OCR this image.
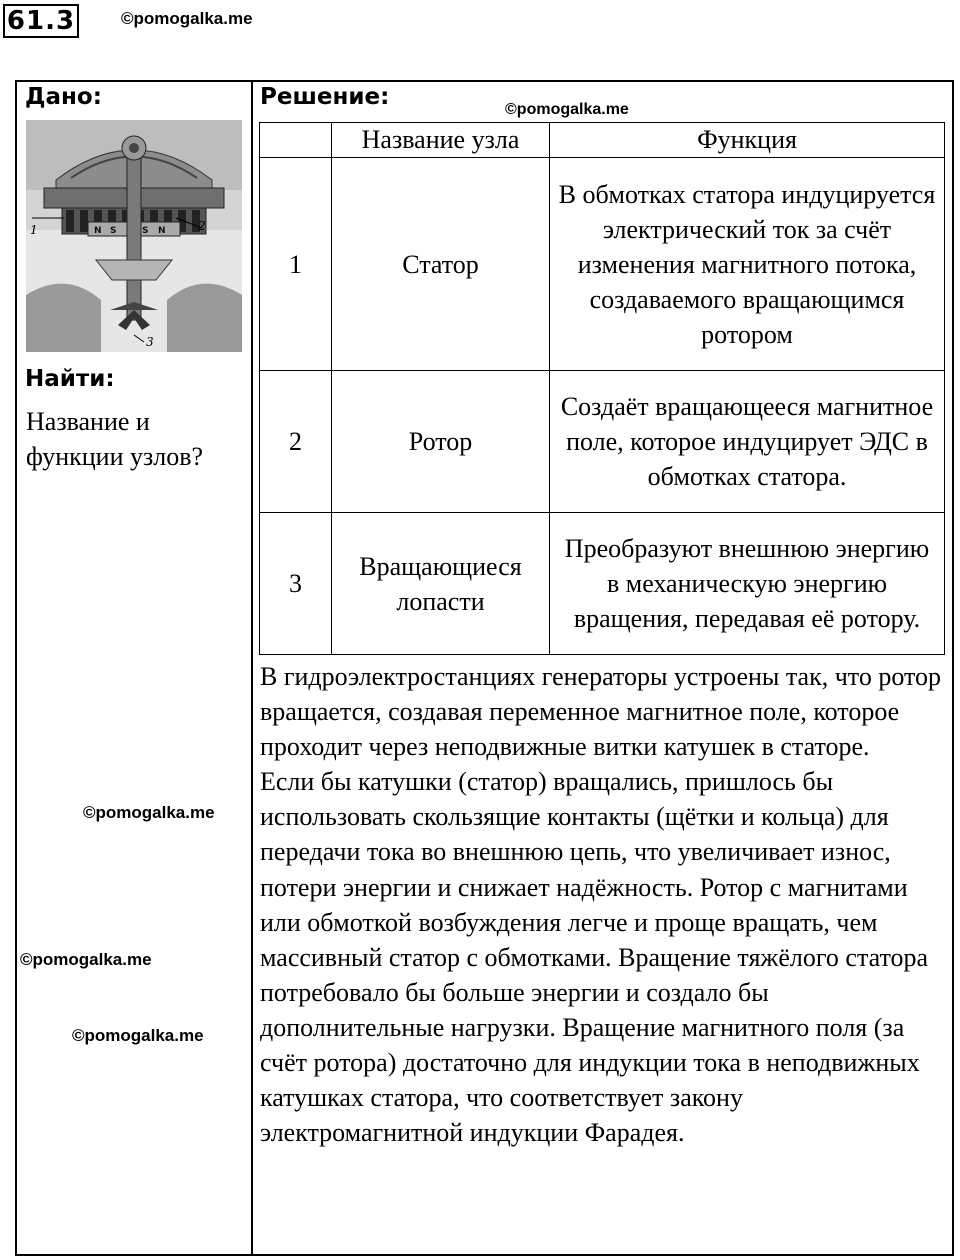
61.3	©pomogalka.me
©pomogalka.me
©pomogalka.me
©pomogalka.me
©pomogalka.me
Дано:
N S	S N
1	2
3
Найти:
Название и функции узлов?
Решение:
	Название узла	Функция
1	Статор	В обмотках статора индуцируется электрический ток за счёт изменения магнитного потока, создаваемого вращающимся ротором
2	Ротор	Создаёт вращающееся магнитное поле, которое индуцирует ЭДС в обмотках статора.
3	Вращающиеся лопасти	Преобразуют внешнюю энергию в механическую энергию вращения, передавая её ротору.

В гидроэлектростанциях генераторы устроены так, что ротор вращается, создавая переменное магнитное поле, которое проходит через неподвижные витки катушек в статоре.

Если бы катушки (статор) вращались, пришлось бы использовать скользящие контакты (щётки и кольца) для передачи тока во внешнюю цепь, что увеличивает износ, потери энергии и снижает надёжность. Ротор с магнитами или обмоткой возбуждения легче и проще вращать, чем массивный статор с обмотками. Вращение тяжёлого статора потребовало бы больше энергии и создало бы дополнительные нагрузки. Вращение магнитного поля (за счёт ротора) достаточно для индукции тока в неподвижных катушках статора, что соответствует закону электромагнитной индукции Фарадея.
